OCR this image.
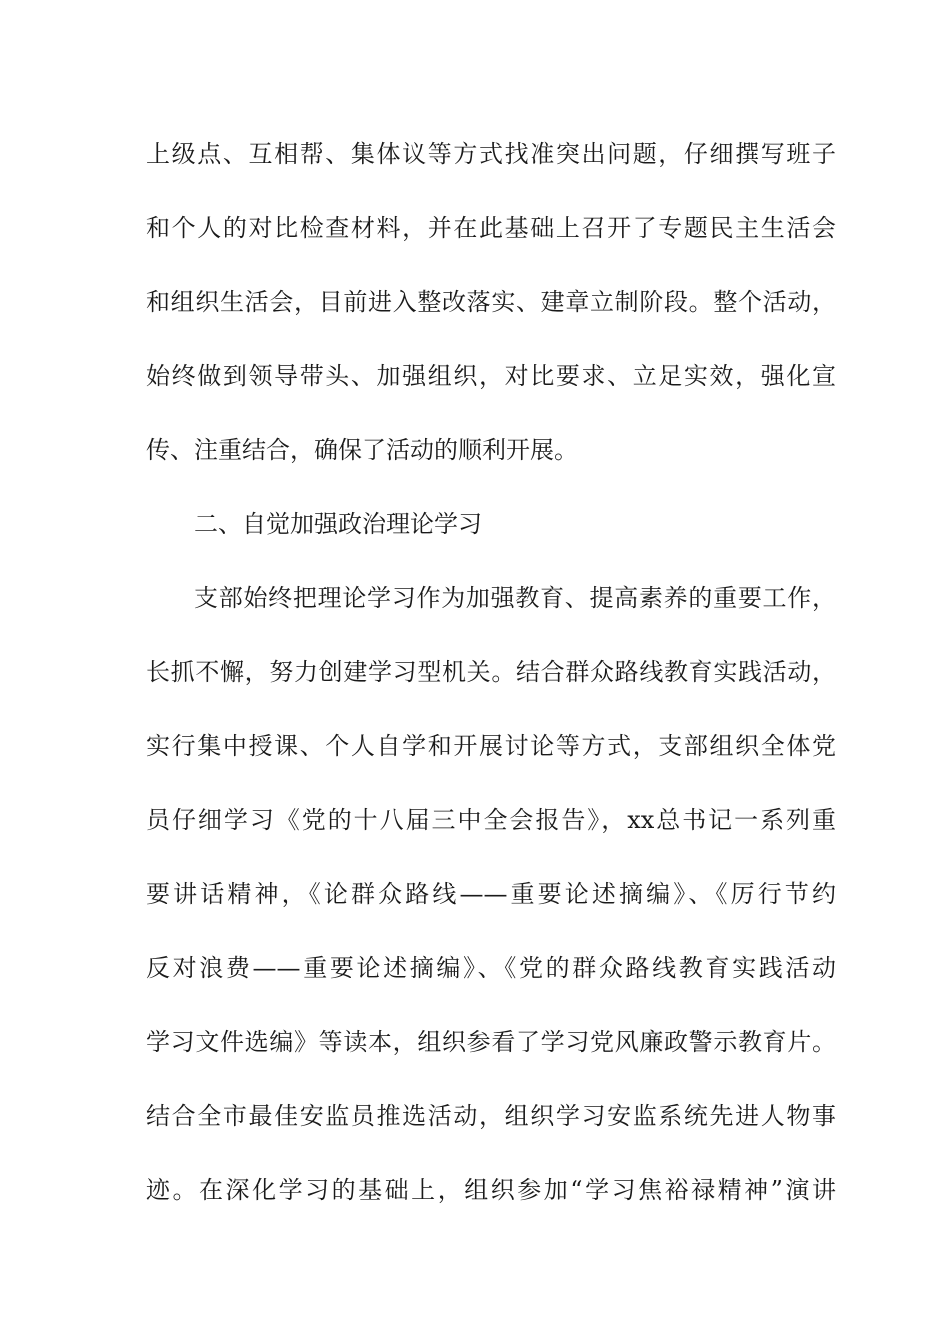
上级点、互相帮、集体议等方式找准突出问题，仔细撰写班子
和个人的对比检查材料，并在此基础上召开了专题民主生活会
和组织生活会，目前进入整改落实、建章立制阶段。整个活动，
始终做到领导带头、加强组织，对比要求、立足实效，强化宣
传、注重结合，确保了活动的顺利开展。
二、自觉加强政治理论学习
支部始终把理论学习作为加强教育、提高素养的重要工作，
长抓不懈，努力创建学习型机关。结合群众路线教育实践活动，
实行集中授课、个人自学和开展讨论等方式，支部组织全体党
员仔细学习《党的十八届三中全会报告》，xx总书记一系列重
要讲话精神，《论群众路线——重要论述摘编》、《厉行节约
反对浪费——重要论述摘编》、《党的群众路线教育实践活动
学习文件选编》等读本，组织参看了学习党风廉政警示教育片。
结合全市最佳安监员推选活动，组织学习安监系统先进人物事
迹。在深化学习的基础上，组织参加“学习焦裕禄精神”演讲
